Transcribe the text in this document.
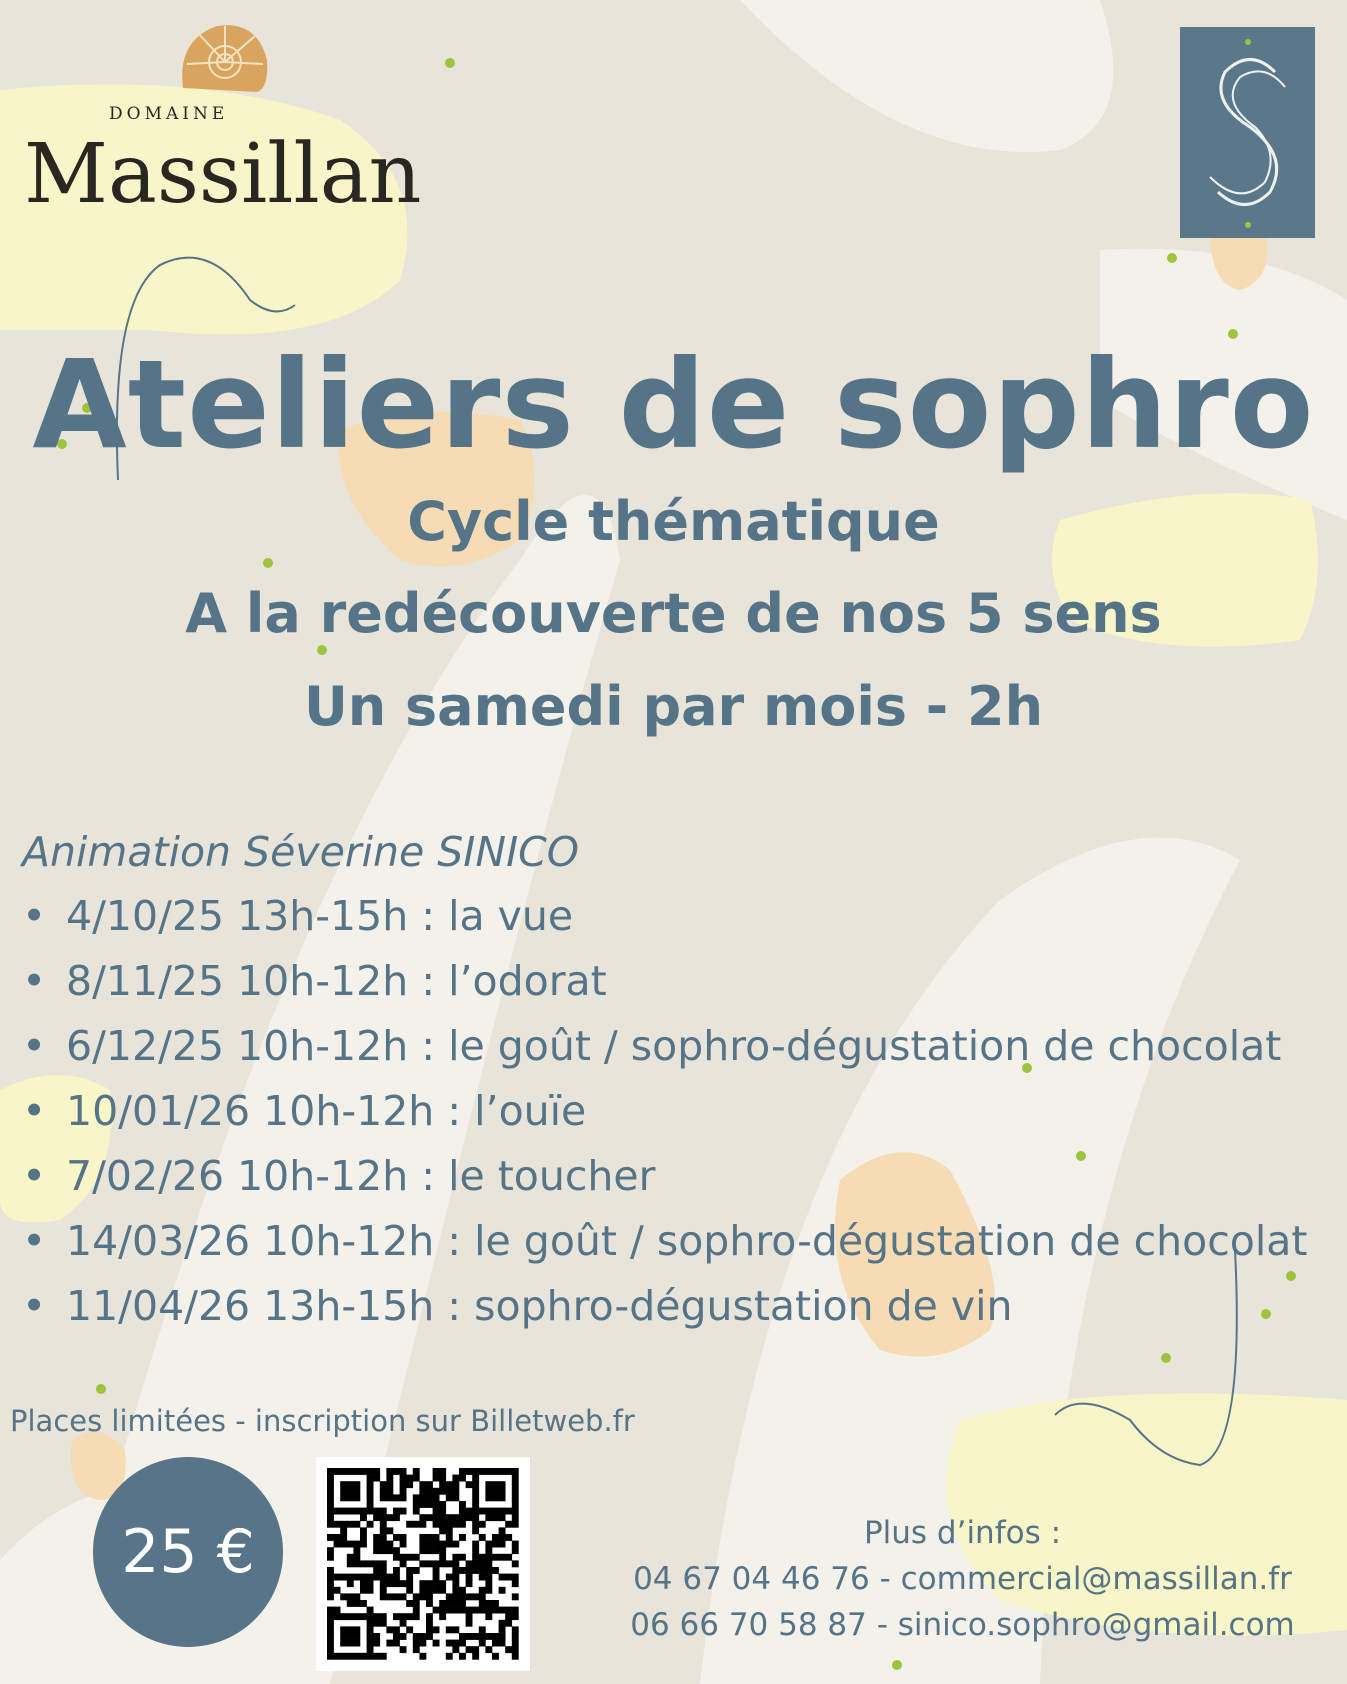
DOMAINE
Massillan
Ateliers de sophro
Cycle thématique
A la redécouverte de nos 5 sens
Un samedi par mois - 2h
Animation Séverine SINICO
• 4/10/25 13h-15h : la vue
• 8/11/25 10h-12h : l’odorat
• 6/12/25 10h-12h : le goût / sophro-dégustation de chocolat
• 10/01/26 10h-12h : l’ouïe
• 7/02/26 10h-12h : le toucher
• 14/03/26 10h-12h : le goût / sophro-dégustation de chocolat
• 11/04/26 13h-15h : sophro-dégustation de vin
Places limitées - inscription sur Billetweb.fr
25 €	Plus d’infos :
04 67 04 46 76 - commercial@massillan.fr
06 66 70 58 87 - sinico.sophro@gmail.com
